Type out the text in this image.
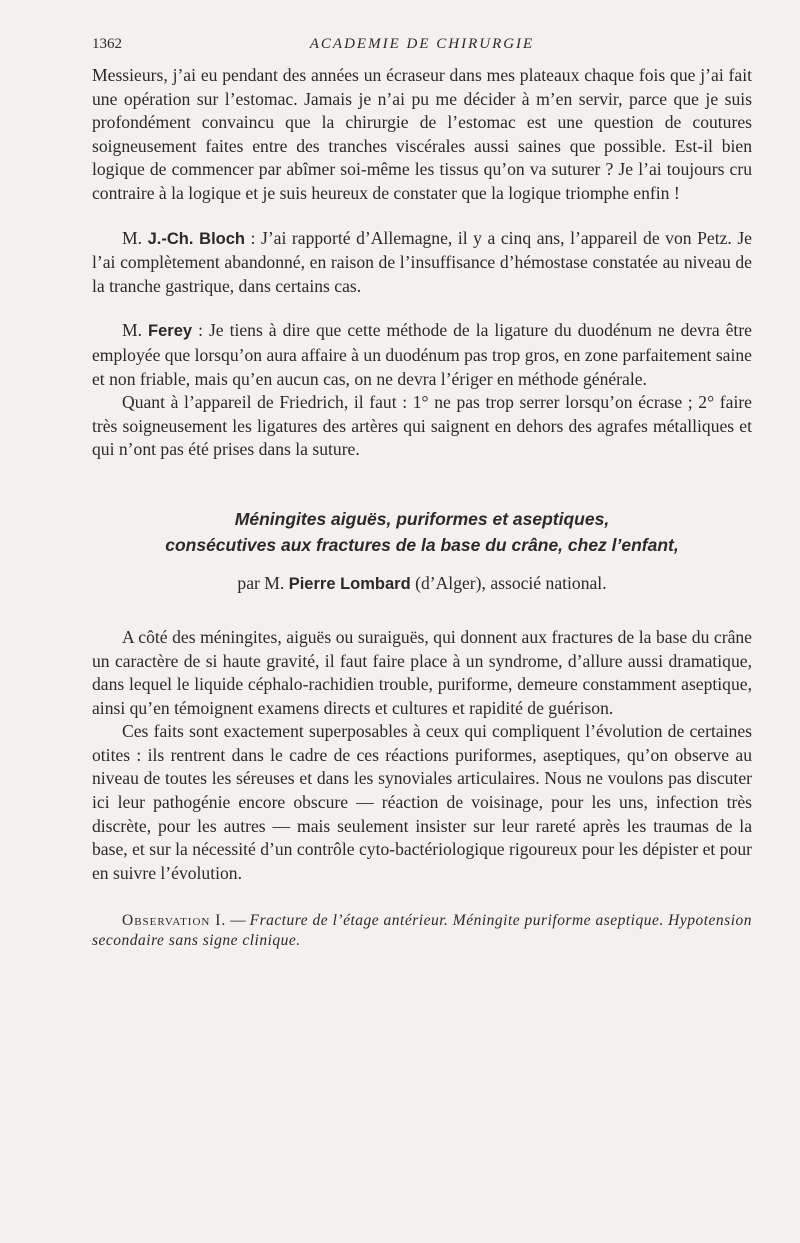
1362	ACADEMIE DE CHIRURGIE

Messieurs, j’ai eu pendant des années un écraseur dans mes plateaux chaque fois que j’ai fait une opération sur l’estomac. Jamais je n’ai pu me décider à m’en servir, parce que je suis profondément convaincu que la chirurgie de l’estomac est une question de coutures soigneusement faites entre des tranches viscérales aussi saines que possible. Est-il bien logique de commencer par abîmer soi-même les tissus qu’on va suturer ? Je l’ai toujours cru contraire à la logique et je suis heureux de constater que la logique triomphe enfin !

M. J.-Ch. Bloch : J’ai rapporté d’Allemagne, il y a cinq ans, l’appareil de von Petz. Je l’ai complètement abandonné, en raison de l’insuffisance d’hémostase constatée au niveau de la tranche gastrique, dans certains cas.

M. Ferey : Je tiens à dire que cette méthode de la ligature du duodénum ne devra être employée que lorsqu’on aura affaire à un duodénum pas trop gros, en zone parfaitement saine et non friable, mais qu’en aucun cas, on ne devra l’ériger en méthode générale.

Quant à l’appareil de Friedrich, il faut : 1° ne pas trop serrer lorsqu’on écrase ; 2° faire très soigneusement les ligatures des artères qui saignent en dehors des agrafes métalliques et qui n’ont pas été prises dans la suture.

Méningites aiguës, puriformes et aseptiques,
consécutives aux fractures de la base du crâne, chez l’enfant,
par M. Pierre Lombard (d’Alger), associé national.

A côté des méningites, aiguës ou suraiguës, qui donnent aux fractures de la base du crâne un caractère de si haute gravité, il faut faire place à un syndrome, d’allure aussi dramatique, dans lequel le liquide céphalo-rachidien trouble, puriforme, demeure constamment aseptique, ainsi qu’en témoignent examens directs et cultures et rapidité de guérison.

Ces faits sont exactement superposables à ceux qui compliquent l’évolution de certaines otites : ils rentrent dans le cadre de ces réactions puriformes, aseptiques, qu’on observe au niveau de toutes les séreuses et dans les synoviales articulaires. Nous ne voulons pas discuter ici leur pathogénie encore obscure — réaction de voisinage, pour les uns, infection très discrète, pour les autres — mais seulement insister sur leur rareté après les traumas de la base, et sur la nécessité d’un contrôle cyto-bactériologique rigoureux pour les dépister et pour en suivre l’évolution.

Observation I. — Fracture de l’étage antérieur. Méningite puriforme aseptique. Hypotension secondaire sans signe clinique.
